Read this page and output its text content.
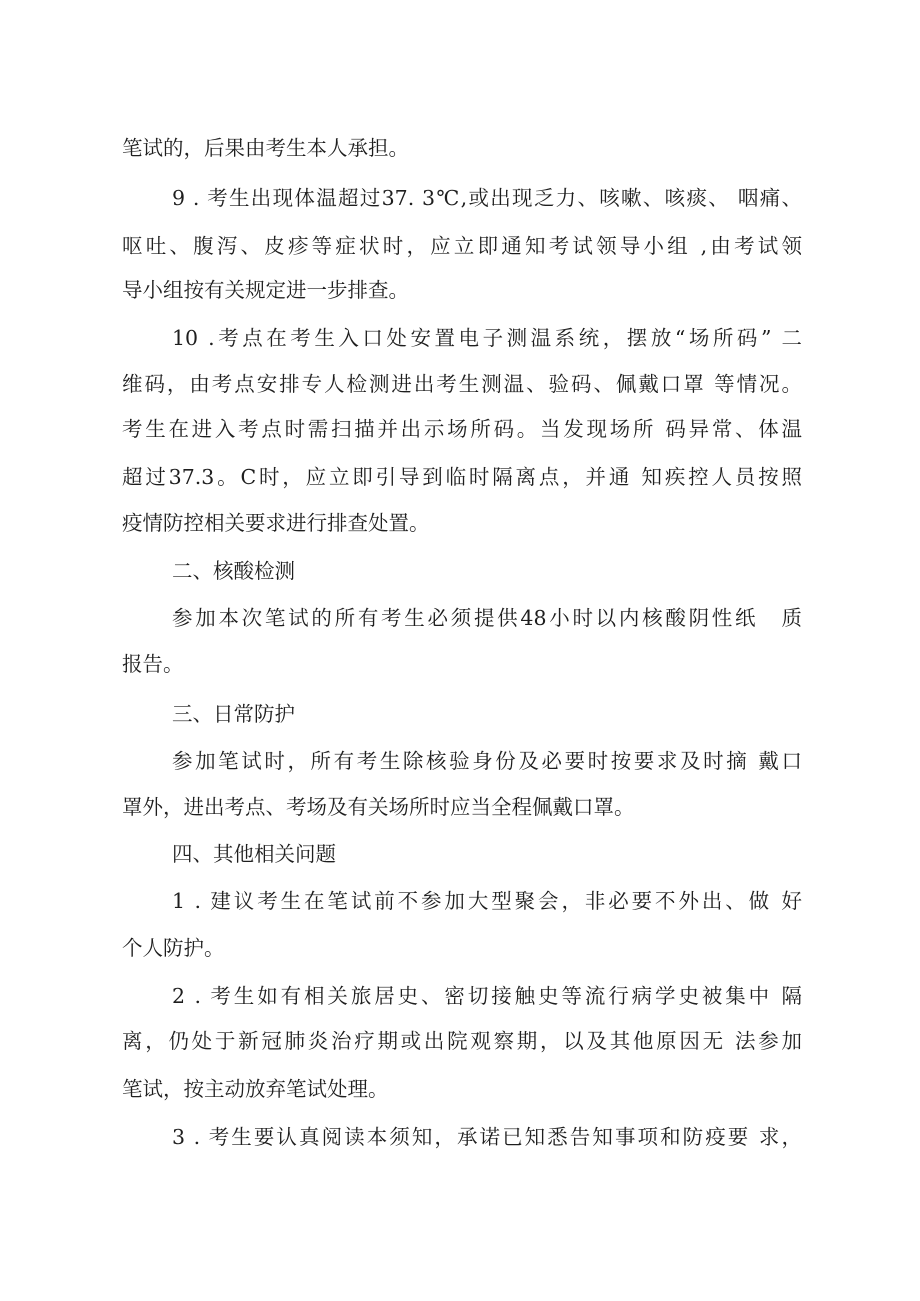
笔试的，后果由考生本人承担。
9 . 考生出现体温超过37. 3℃,或出现乏力、咳嗽、咳痰、 咽痛、
呕吐、腹泻、皮疹等症状时，应立即通知考试领导小组 ,由考试领
导小组按有关规定进一步排查。
10 .考点在考生入口处安置电子测温系统，摆放“场所码” 二
维码，由考点安排专人检测进出考生测温、验码、佩戴口罩 等情况。
考生在进入考点时需扫描并出示场所码。当发现场所 码异常、体温
超过37.3。C时，应立即引导到临时隔离点，并通 知疾控人员按照
疫情防控相关要求进行排查处置。
二、核酸检测
参加本次笔试的所有考生必须提供48小时以内核酸阴性纸　质
报告。
三、日常防护
参加笔试时，所有考生除核验身份及必要时按要求及时摘 戴口
罩外，进出考点、考场及有关场所时应当全程佩戴口罩。
四、其他相关问题
1 . 建议考生在笔试前不参加大型聚会，非必要不外出、做 好
个人防护。
2 . 考生如有相关旅居史、密切接触史等流行病学史被集中 隔
离，仍处于新冠肺炎治疗期或出院观察期，以及其他原因无 法参加
笔试，按主动放弃笔试处理。
3 . 考生要认真阅读本须知，承诺已知悉告知事项和防疫要 求，
